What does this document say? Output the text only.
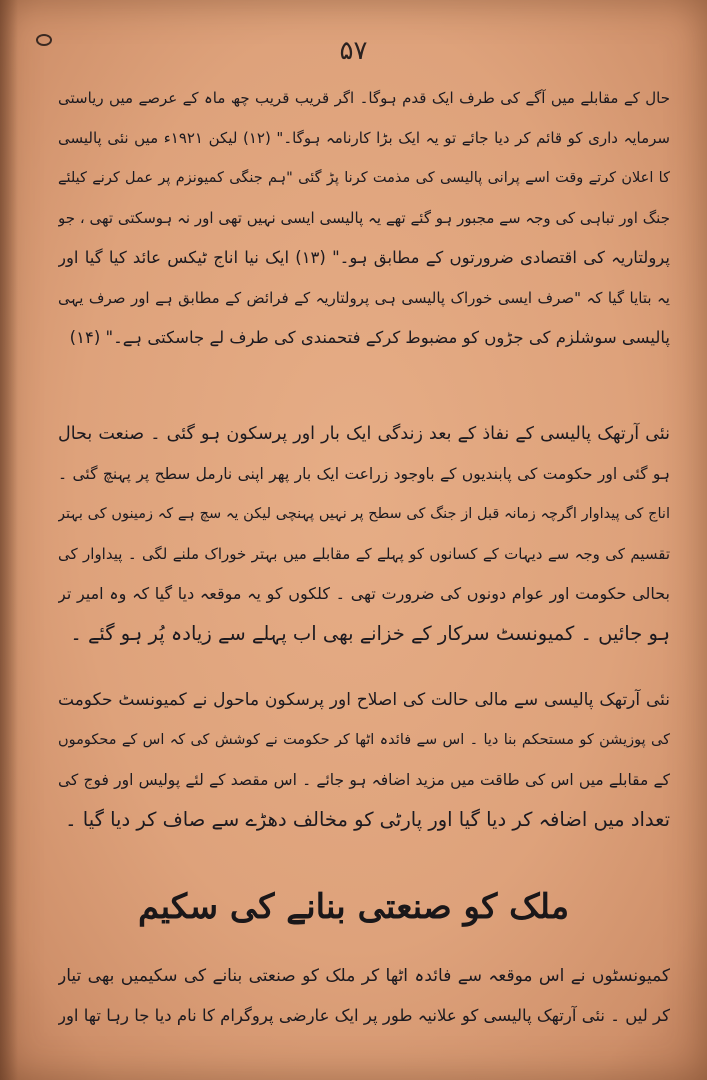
۵۷
حال کے مقابلے میں آگے کی طرف ایک قدم ہوگا۔ اگر قریب قریب چھ ماہ کے عرصے میں ریاستی
سرمایہ داری کو قائم کر دیا جائے تو یہ ایک بڑا کارنامہ ہوگا۔" (۱۲) لیکن ۱۹۲۱ء میں نئی پالیسی
کا اعلان کرتے وقت اسے پرانی پالیسی کی مذمت کرنا پڑ گئی "ہم جنگی کمیونزم پر عمل کرنے کیلئے
جنگ اور تباہی کی وجہ سے مجبور ہو گئے تھے یہ پالیسی ایسی نہیں تھی اور نہ ہوسکتی تھی ، جو
پرولتاریہ کی اقتصادی ضرورتوں کے مطابق ہو۔" (۱۳) ایک نیا اناج ٹیکس عائد کیا گیا اور
یہ بتایا گیا کہ "صرف ایسی خوراک پالیسی ہی پرولتاریہ کے فرائض کے مطابق ہے اور صرف یہی
پالیسی سوشلزم کی جڑوں کو مضبوط کرکے فتحمندی کی طرف لے جاسکتی ہے۔" (۱۴)
نئی آرتھک پالیسی کے نفاذ کے بعد زندگی ایک بار اور پرسکون ہو گئی ۔ صنعت بحال
ہو گئی اور حکومت کی پابندیوں کے باوجود زراعت ایک بار پھر اپنی نارمل سطح پر پہنچ گئی ۔
اناج کی پیداوار اگرچہ زمانہ قبل از جنگ کی سطح پر نہیں پہنچی لیکن یہ سچ ہے کہ زمینوں کی بہتر
تقسیم کی وجہ سے دیہات کے کسانوں کو پہلے کے مقابلے میں بہتر خوراک ملنے لگی ۔ پیداوار کی
بحالی حکومت اور عوام دونوں کی ضرورت تھی ۔ کلکوں کو یہ موقعہ دیا گیا کہ وہ امیر تر
ہو جائیں ۔ کمیونسٹ سرکار کے خزانے بھی اب پہلے سے زیادہ پُر ہو گئے ۔
نئی آرتھک پالیسی سے مالی حالت کی اصلاح اور پرسکون ماحول نے کمیونسٹ حکومت
کی پوزیشن کو مستحکم بنا دیا ۔ اس سے فائدہ اٹھا کر حکومت نے کوشش کی کہ اس کے محکوموں
کے مقابلے میں اس کی طاقت میں مزید اضافہ ہو جائے ۔ اس مقصد کے لئے پولیس اور فوج کی
تعداد میں اضافہ کر دیا گیا اور پارٹی کو مخالف دھڑے سے صاف کر دیا گیا ۔
ملک کو صنعتی بنانے کی سکیم
کمیونسٹوں نے اس موقعہ سے فائدہ اٹھا کر ملک کو صنعتی بنانے کی سکیمیں بھی تیار
کر لیں ۔ نئی آرتھک پالیسی کو علانیہ طور پر ایک عارضی پروگرام کا نام دیا جا رہا تھا اور
